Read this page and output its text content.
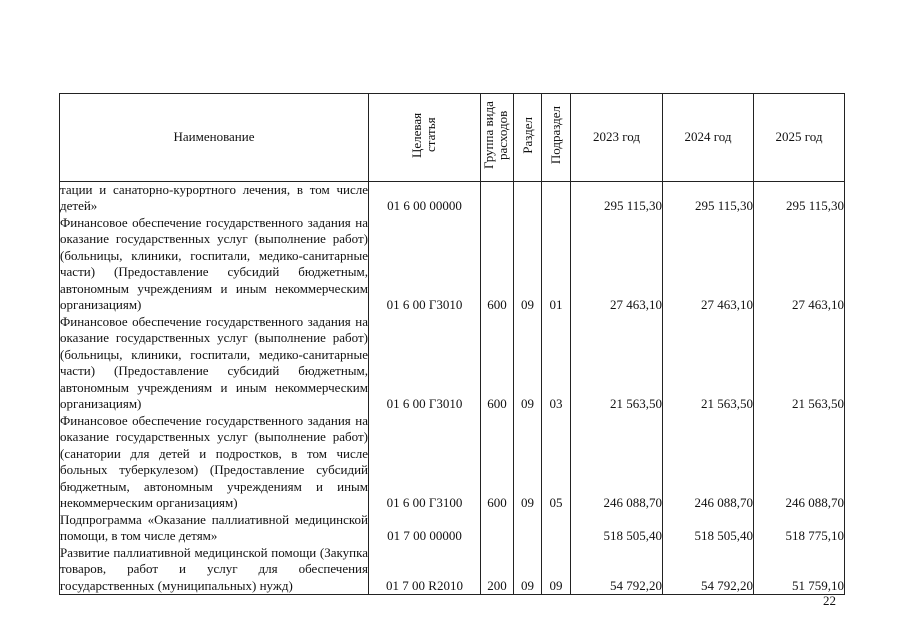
Наименование	Целевая статья	Группа вида расходов	Раздел	Подраздел	2023 год	2024 год	2025 год
тации и санаторно-курортного лечения, в том числе детей»	01 6 00 00000				295 115,30	295 115,30	295 115,30
Финансовое обеспечение государственного задания на оказание государственных услуг (выполнение работ) (больницы, клиники, госпитали, медико-санитарные части) (Предоставление субсидий бюджетным, автономным учреждениям и иным некоммерческим организациям)	01 6 00 Г3010	600	09	01	27 463,10	27 463,10	27 463,10
Финансовое обеспечение государственного задания на оказание государственных услуг (выполнение работ) (больницы, клиники, госпитали, медико-санитарные части) (Предоставление субсидий бюджетным, автономным учреждениям и иным некоммерческим организациям)	01 6 00 Г3010	600	09	03	21 563,50	21 563,50	21 563,50
Финансовое обеспечение государственного задания на оказание государственных услуг (выполнение работ) (санатории для детей и подростков, в том числе больных туберкулезом) (Предоставление субсидий бюджетным, автономным учреждениям и иным некоммерческим организациям)	01 6 00 Г3100	600	09	05	246 088,70	246 088,70	246 088,70
Подпрограмма «Оказание паллиативной медицинской помощи, в том числе детям»	01 7 00 00000				518 505,40	518 505,40	518 775,10
Развитие паллиативной медицинской помощи (Закупка товаров, работ и услуг для обеспечения государственных (муниципальных) нужд)	01 7 00 R2010	200	09	09	54 792,20	54 792,20	51 759,10
22
